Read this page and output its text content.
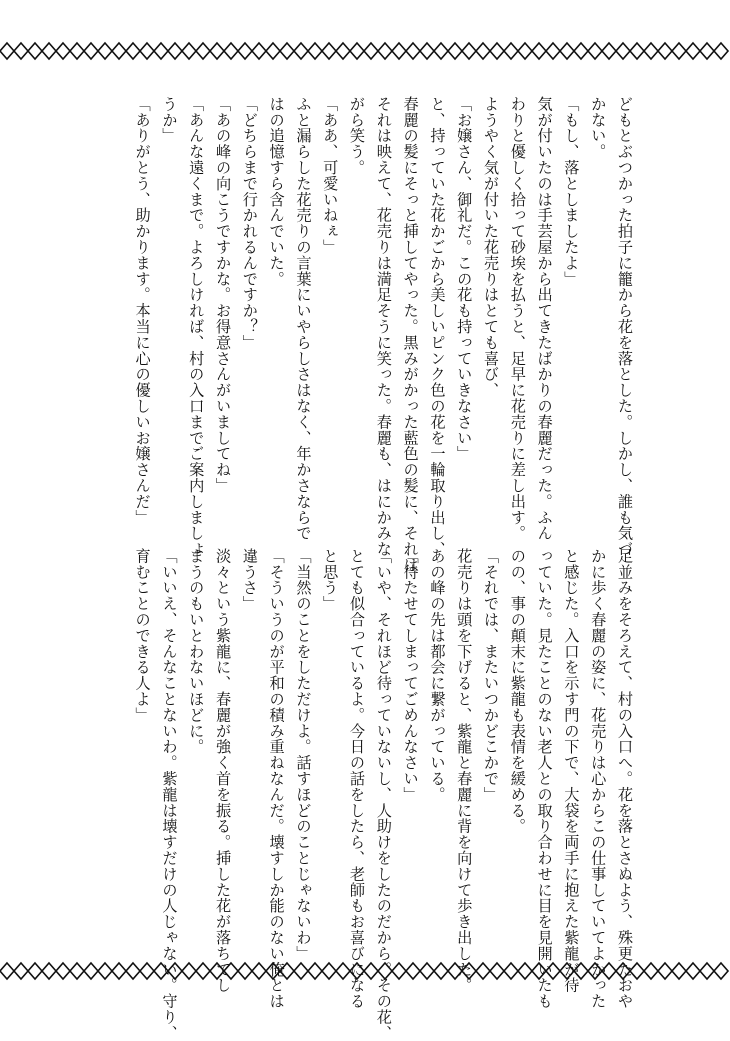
どもとぶつかった拍子に籠から花を落とした。しかし、誰も気づ
かない。
「もし、落としましたよ」
気が付いたのは手芸屋から出てきたばかりの春麗だった。ふん
わりと優しく拾って砂埃を払うと、足早に花売りに差し出す。
ようやく気が付いた花売りはとても喜び、
「お嬢さん、御礼だ。この花も持っていきなさい」
と、持っていた花かごから美しいピンク色の花を一輪取り出し、
春麗の髪にそっと挿してやった。黒みがかった藍色の髪に、それは
それは映えて、花売りは満足そうに笑った。春麗も、はにかみな
がら笑う。
「ああ、可愛いねぇ」
ふと漏らした花売りの言葉にいやらしさはなく、年かさならで
はの追憶すら含んでいた。
「どちらまで行かれるんですか？」
「あの峰の向こうですかな。お得意さんがいましてね」
「あんな遠くまで。よろしければ、村の入口までご案内しましょ
うか」
「ありがとう、助かります。本当に心の優しいお嬢さんだ」
足並みをそろえて、村の入口へ。花を落とさぬよう、殊更たおや
かに歩く春麗の姿に、花売りは心からこの仕事していてよかった
と感じた。入口を示す門の下で、大袋を両手に抱えた紫龍が待
っていた。見たことのない老人との取り合わせに目を見開いたも
のの、事の顛末に紫龍も表情を緩める。
「それでは、またいつかどこかで」
花売りは頭を下げると、紫龍と春麗に背を向けて歩き出した。
あの峰の先は都会に繋がっている。
「待たせてしまってごめんなさい」
「いや、それほど待っていないし、人助けをしたのだから。その花、
とても似合っているよ。今日の話をしたら、老師もお喜びになる
と思う」
「当然のことをしただけよ。話すほどのことじゃないわ」
「そういうのが平和の積み重ねなんだ。壊すしか能のない俺とは
違うさ」
淡々という紫龍に、春麗が強く首を振る。挿した花が落ちてし
まうのもいとわないほどに。
「いいえ、そんなことないわ。紫龍は壊すだけの人じゃない。守り、
育むことのできる人よ」
